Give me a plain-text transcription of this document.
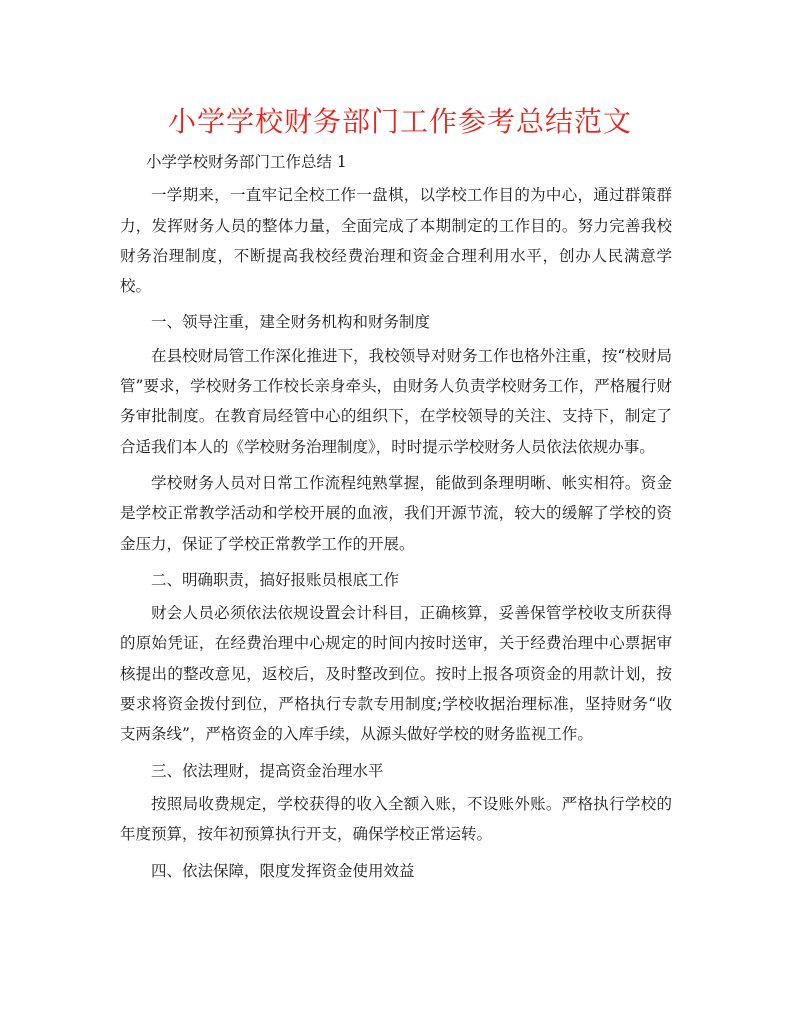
小学学校财务部门工作参考总结范文

小学学校财务部门工作总结 1

一学期来，一直牢记全校工作一盘棋，以学校工作目的为中心，通过群策群力，发挥财务人员的整体力量，全面完成了本期制定的工作目的。努力完善我校财务治理制度，不断提高我校经费治理和资金合理利用水平，创办人民满意学校。

一、领导注重，建全财务机构和财务制度

在县校财局管工作深化推进下，我校领导对财务工作也格外注重，按“校财局管”要求，学校财务工作校长亲身牵头，由财务人负责学校财务工作，严格履行财务审批制度。在教育局经管中心的组织下，在学校领导的关注、支持下，制定了合适我们本人的《学校财务治理制度》，时时提示学校财务人员依法依规办事。

学校财务人员对日常工作流程纯熟掌握，能做到条理明晰、帐实相符。资金是学校正常教学活动和学校开展的血液，我们开源节流，较大的缓解了学校的资金压力，保证了学校正常教学工作的开展。

二、明确职责，搞好报账员根底工作

财会人员必须依法依规设置会计科目，正确核算，妥善保管学校收支所获得的原始凭证，在经费治理中心规定的时间内按时送审，关于经费治理中心票据审核提出的整改意见，返校后，及时整改到位。按时上报各项资金的用款计划，按要求将资金拨付到位，严格执行专款专用制度;学校收据治理标准，坚持财务“收支两条线”，严格资金的入库手续，从源头做好学校的财务监视工作。

三、依法理财，提高资金治理水平

按照局收费规定，学校获得的收入全额入账，不设账外账。严格执行学校的年度预算，按年初预算执行开支，确保学校正常运转。

四、依法保障，限度发挥资金使用效益
